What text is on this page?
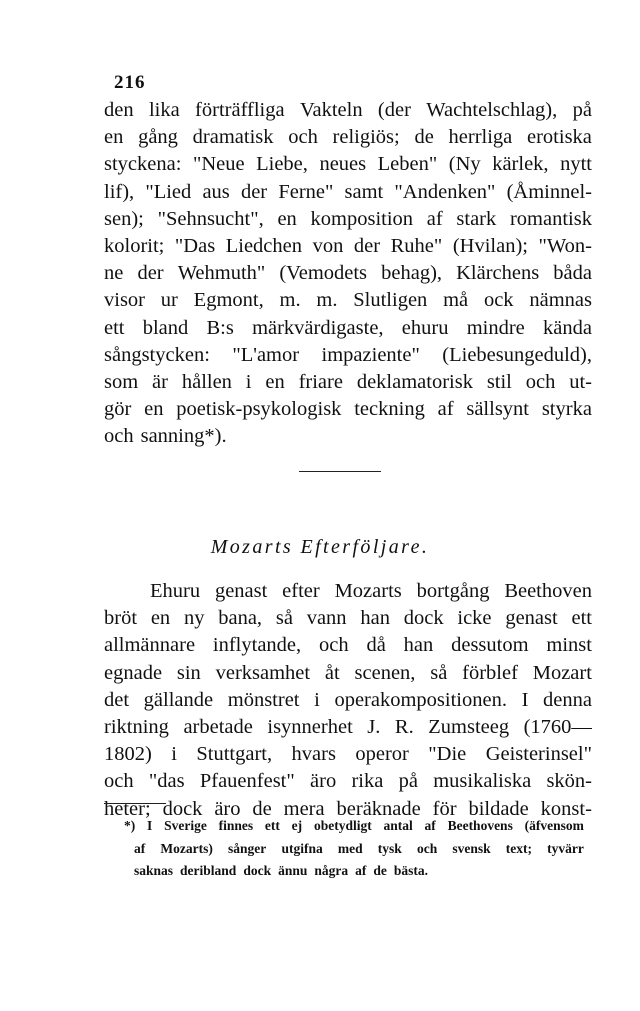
216
den lika förträffliga Vakteln (der Wachtelschlag), på
en gång dramatisk och religiös; de herrliga erotiska
styckena: "Neue Liebe, neues Leben" (Ny kärlek, nytt
lif), "Lied aus der Ferne" samt "Andenken" (Åminnel-
sen); "Sehnsucht", en komposition af stark romantisk
kolorit; "Das Liedchen von der Ruhe" (Hvilan); "Won-
ne der Wehmuth" (Vemodets behag), Klärchens båda
visor ur Egmont, m. m. Slutligen må ock nämnas
ett bland B:s märkvärdigaste, ehuru mindre kända
sångstycken: "L'amor impaziente" (Liebesungeduld),
som är hållen i en friare deklamatorisk stil och ut-
gör en poetisk-psykologisk teckning af sällsynt styrka
och sanning*).
Mozarts Efterföljare.
Ehuru genast efter Mozarts bortgång Beethoven
bröt en ny bana, så vann han dock icke genast ett
allmännare inflytande, och då han dessutom minst
egnade sin verksamhet åt scenen, så förblef Mozart
det gällande mönstret i operakompositionen. I denna
riktning arbetade isynnerhet J. R. Zumsteeg (1760—
1802) i Stuttgart, hvars operor "Die Geisterinsel"
och "das Pfauenfest" äro rika på musikaliska skön-
heter; dock äro de mera beräknade för bildade konst-
*) I Sverige finnes ett ej obetydligt antal af Beethovens (äfvensom
af Mozarts) sånger utgifna med tysk och svensk text; tyvärr
saknas deribland dock ännu några af de bästa.
